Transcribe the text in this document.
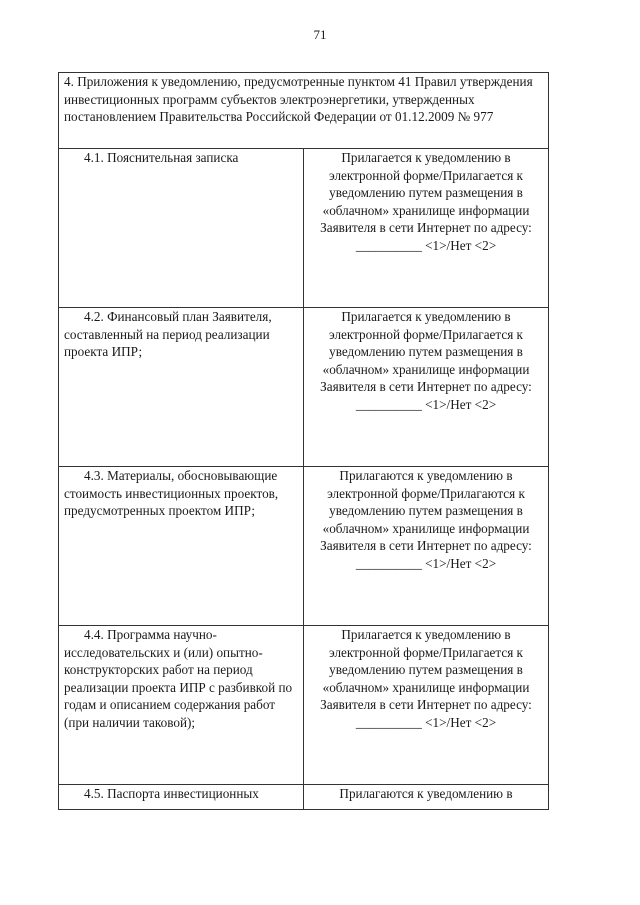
71
4. Приложения к уведомлению, предусмотренные пунктом 41 Правил утверждения инвестиционных программ субъектов электроэнергетики, утвержденных постановлением Правительства Российской Федерации от 01.12.2009 № 977	
4.1. Пояснительная записка	Прилагается к уведомлению в электронной форме/Прилагается к уведомлению путем размещения в «облачном» хранилище информации Заявителя в сети Интернет по адресу: __________ <1>/Нет <2>
4.2. Финансовый план Заявителя, составленный на период реализации проекта ИПР;	Прилагается к уведомлению в электронной форме/Прилагается к уведомлению путем размещения в «облачном» хранилище информации Заявителя в сети Интернет по адресу: __________ <1>/Нет <2>
4.3. Материалы, обосновывающие стоимость инвестиционных проектов, предусмотренных проектом ИПР;	Прилагаются к уведомлению в электронной форме/Прилагаются к уведомлению путем размещения в «облачном» хранилище информации Заявителя в сети Интернет по адресу: __________ <1>/Нет <2>
4.4. Программа научно-исследовательских и (или) опытно-конструкторских работ на период реализации проекта ИПР с разбивкой по годам и описанием содержания работ (при наличии таковой);	Прилагается к уведомлению в электронной форме/Прилагается к уведомлению путем размещения в «облачном» хранилище информации Заявителя в сети Интернет по адресу: __________ <1>/Нет <2>
4.5. Паспорта инвестиционных	Прилагаются к уведомлению в
